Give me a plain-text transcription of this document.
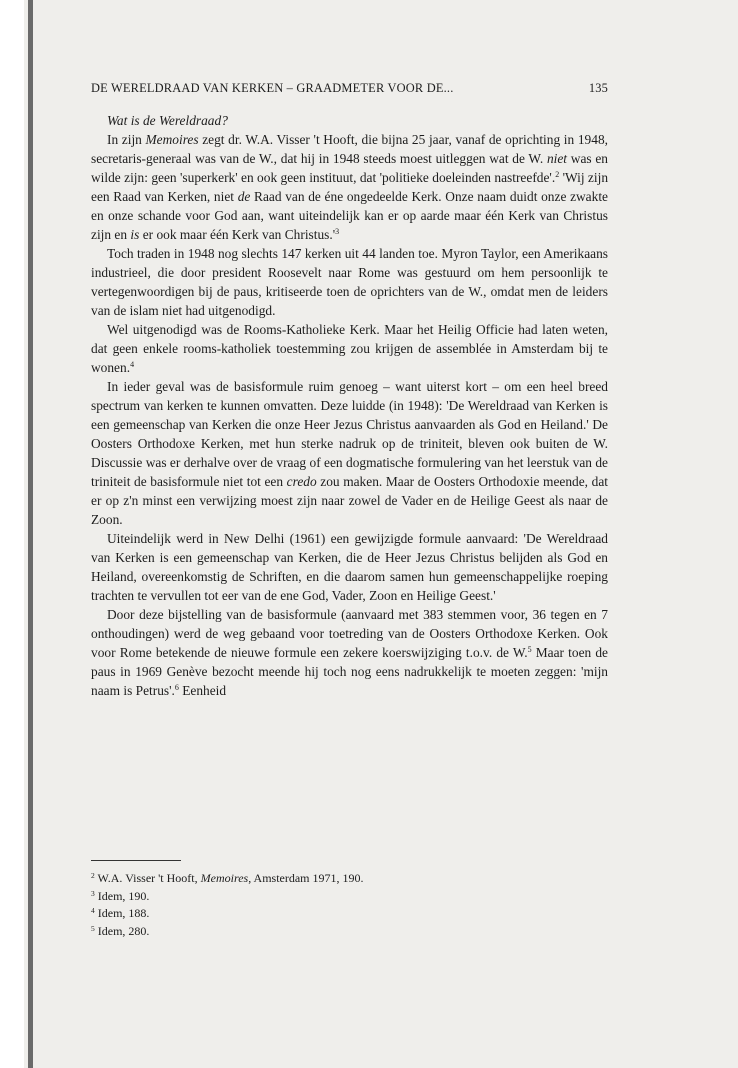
DE WERELDRAAD VAN KERKEN – GRAADMETER VOOR DE...	135

Wat is de Wereldraad?

In zijn Memoires zegt dr. W.A. Visser 't Hooft, die bijna 25 jaar, vanaf de oprichting in 1948, secretaris-generaal was van de W., dat hij in 1948 steeds moest uitleggen wat de W. niet was en wilde zijn: geen 'superkerk' en ook geen instituut, dat 'politieke doeleinden nastreefde'.$^2$ 'Wij zijn een Raad van Kerken, niet de Raad van de éne ongedeelde Kerk. Onze naam duidt onze zwakte en onze schande voor God aan, want uiteindelijk kan er op aarde maar één Kerk van Christus zijn en is er ook maar één Kerk van $Christus.'^3$

Toch traden in 1948 nog slechts 147 kerken uit 44 landen toe. Myron Taylor, een Amerikaans industrieel, die door president Roosevelt naar Rome was gestuurd om hem persoonlijk te vertegenwoordigen bij de paus, kritiseerde toen de oprichters van de W., omdat men de leiders van de islam niet had uitgenodigd.

Wel uitgenodigd was de Rooms-Katholieke Kerk. Maar het Heilig Officie had laten weten, dat geen enkele rooms-katholiek toestemming zou krijgen de assemblée in Amsterdam bij te wonen.$^4$

In ieder geval was de basisformule ruim genoeg – want uiterst kort – om een heel breed spectrum van kerken te kunnen omvatten. Deze luidde (in 1948): 'De Wereldraad van Kerken is een gemeenschap van Kerken die onze Heer Jezus Christus aanvaarden als God en Heiland.' De Oosters Orthodoxe Kerken, met hun sterke nadruk op de triniteit, bleven ook buiten de W. Discussie was er derhalve over de vraag of een dogmatische formulering van het leerstuk van de triniteit de basisformule niet tot een credo zou maken. Maar de Oosters Orthodoxie meende, dat er op z'n minst een verwijzing moest zijn naar zowel de Vader en de Heilige Geest als naar de Zoon.

Uiteindelijk werd in New Delhi (1961) een gewijzigde formule aanvaard: 'De Wereldraad van Kerken is een gemeenschap van Kerken, die de Heer Jezus Christus belijden als God en Heiland, overeenkomstig de Schriften, en die daarom samen hun gemeenschappelijke roeping trachten te vervullen tot eer van de ene God, Vader, Zoon en Heilige Geest.'

Door deze bijstelling van de basisformule (aanvaard met 383 stemmen voor, 36 tegen en 7 onthoudingen) werd de weg gebaand voor toetreding van de Oosters Orthodoxe Kerken. Ook voor Rome betekende de nieuwe formule een zekere koerswijziging t.o.v. de W.$^5$ Maar toen de paus in 1969 Genève bezocht meende hij toch nog eens nadrukkelijk te moeten zeggen: 'mijn naam is Petrus'.$^6$ Eenheid

$^2$ W.A. Visser 't Hooft, Memoires, Amsterdam 1971, 190.
$^3$ Idem, 190.
$^4$ Idem, 188.
$^5$ Idem, 280.
